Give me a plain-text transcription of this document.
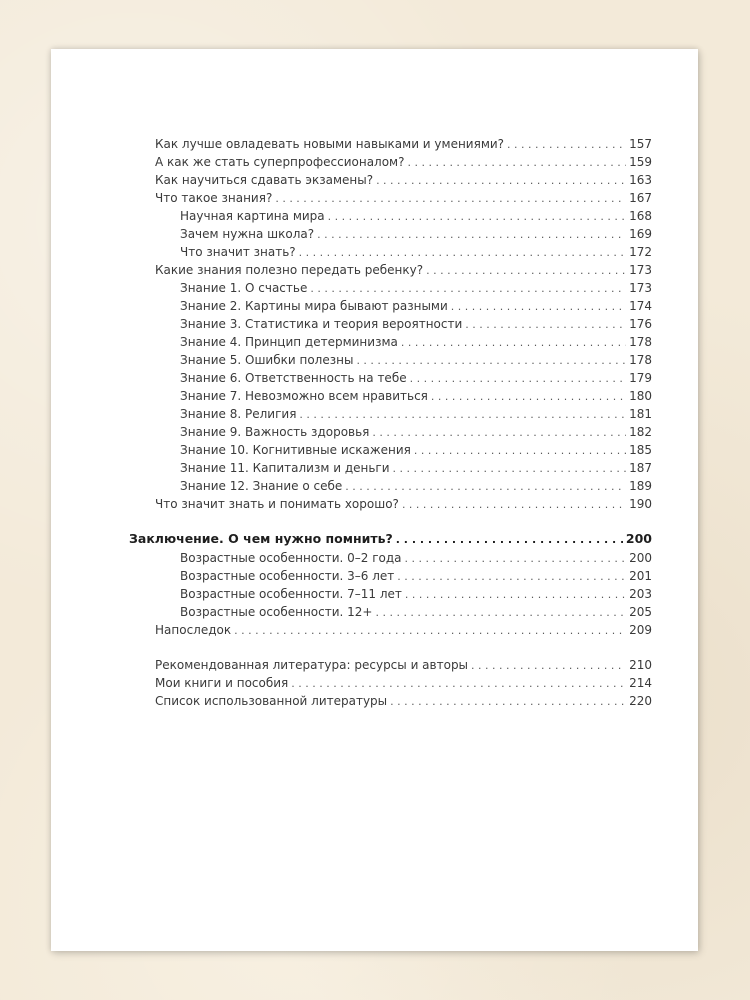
Как лучше овладевать новыми навыками и умениями? . . .	157
А как же стать суперпрофессионалом? . . .	159
Как научиться сдавать экзамены? . . .	163
Что такое знания? . . .	167
Научная картина мира . . .	168
Зачем нужна школа? . . .	169
Что значит знать? . . .	172
Какие знания полезно передать ребенку? . . .	173
Знание 1. О счастье . . .	173
Знание 2. Картины мира бывают разными . . .	174
Знание 3. Статистика и теория вероятности . . .	176
Знание 4. Принцип детерминизма . . .	178
Знание 5. Ошибки полезны . . .	178
Знание 6. Ответственность на тебе . . .	179
Знание 7. Невозможно всем нравиться . . .	180
Знание 8. Религия . . .	181
Знание 9. Важность здоровья . . .	182
Знание 10. Когнитивные искажения . . .	185
Знание 11. Капитализм и деньги . . .	187
Знание 12. Знание о себе . . .	189
Что значит знать и понимать хорошо? . . .	190
Заключение. О чем нужно помнить? . . .	200
Возрастные особенности. 0–2 года . . .	200
Возрастные особенности. 3–6 лет . . .	201
Возрастные особенности. 7–11 лет . . .	203
Возрастные особенности. 12+ . . .	205
Напоследок . . .	209
Рекомендованная литература: ресурсы и авторы . . .	210
Мои книги и пособия . . .	214
Список использованной литературы . . .	220
